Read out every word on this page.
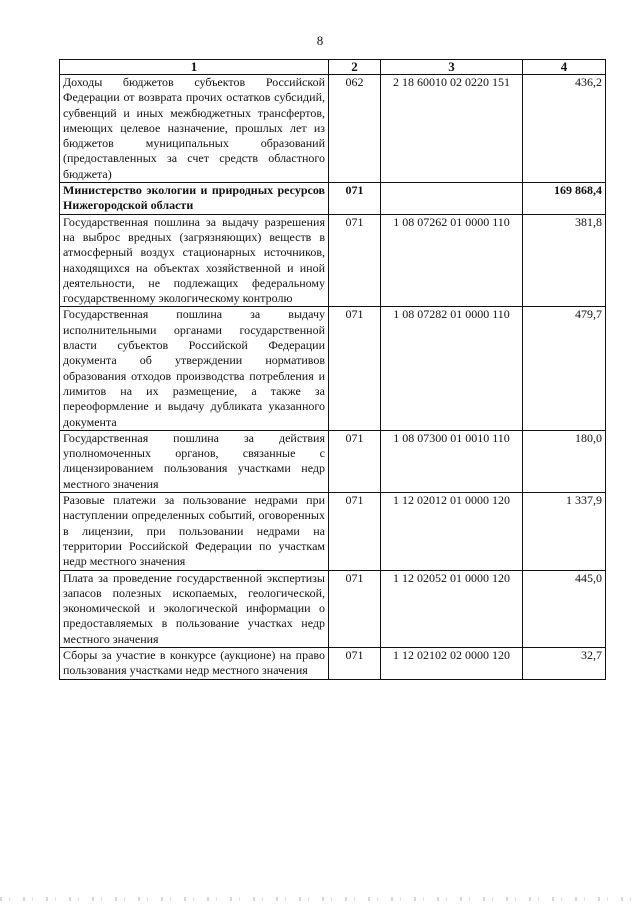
8
1	2	3	4
Доходы бюджетов субъектов Российской Федерации от возврата прочих остатков субсидий, субвенций и иных межбюджетных трансфертов, имеющих целевое назначение, прошлых лет из бюджетов муниципальных образований (предоставленных за счет средств областного бюджета)	062	2 18 60010 02 0220 151	436,2
Министерство экологии и природных ресурсов Нижегородской области	071		169 868,4
Государственная пошлина за выдачу разрешения на выброс вредных (загрязняющих) веществ в атмосферный воздух стационарных источников, находящихся на объектах хозяйственной и иной деятельности, не подлежащих федеральному государственному экологическому контролю	071	1 08 07262 01 0000 110	381,8
Государственная пошлина за выдачу исполнительными органами государственной власти субъектов Российской Федерации документа об утверждении нормативов образования отходов производства потребления и лимитов на их размещение, а также за переоформление и выдачу дубликата указанного документа	071	1 08 07282 01 0000 110	479,7
Государственная пошлина за действия уполномоченных органов, связанные с лицензированием пользования участками недр местного значения	071	1 08 07300 01 0010 110	180,0
Разовые платежи за пользование недрами при наступлении определенных событий, оговоренных в лицензии, при пользовании недрами на территории Российской Федерации по участкам недр местного значения	071	1 12 02012 01 0000 120	1 337,9
Плата за проведение государственной экспертизы запасов полезных ископаемых, геологической, экономической и экологической информации о предоставляемых в пользование участках недр местного значения	071	1 12 02052 01 0000 120	445,0
Сборы за участие в конкурсе (аукционе) на право пользования участками недр местного значения	071	1 12 02102 02 0000 120	32,7
